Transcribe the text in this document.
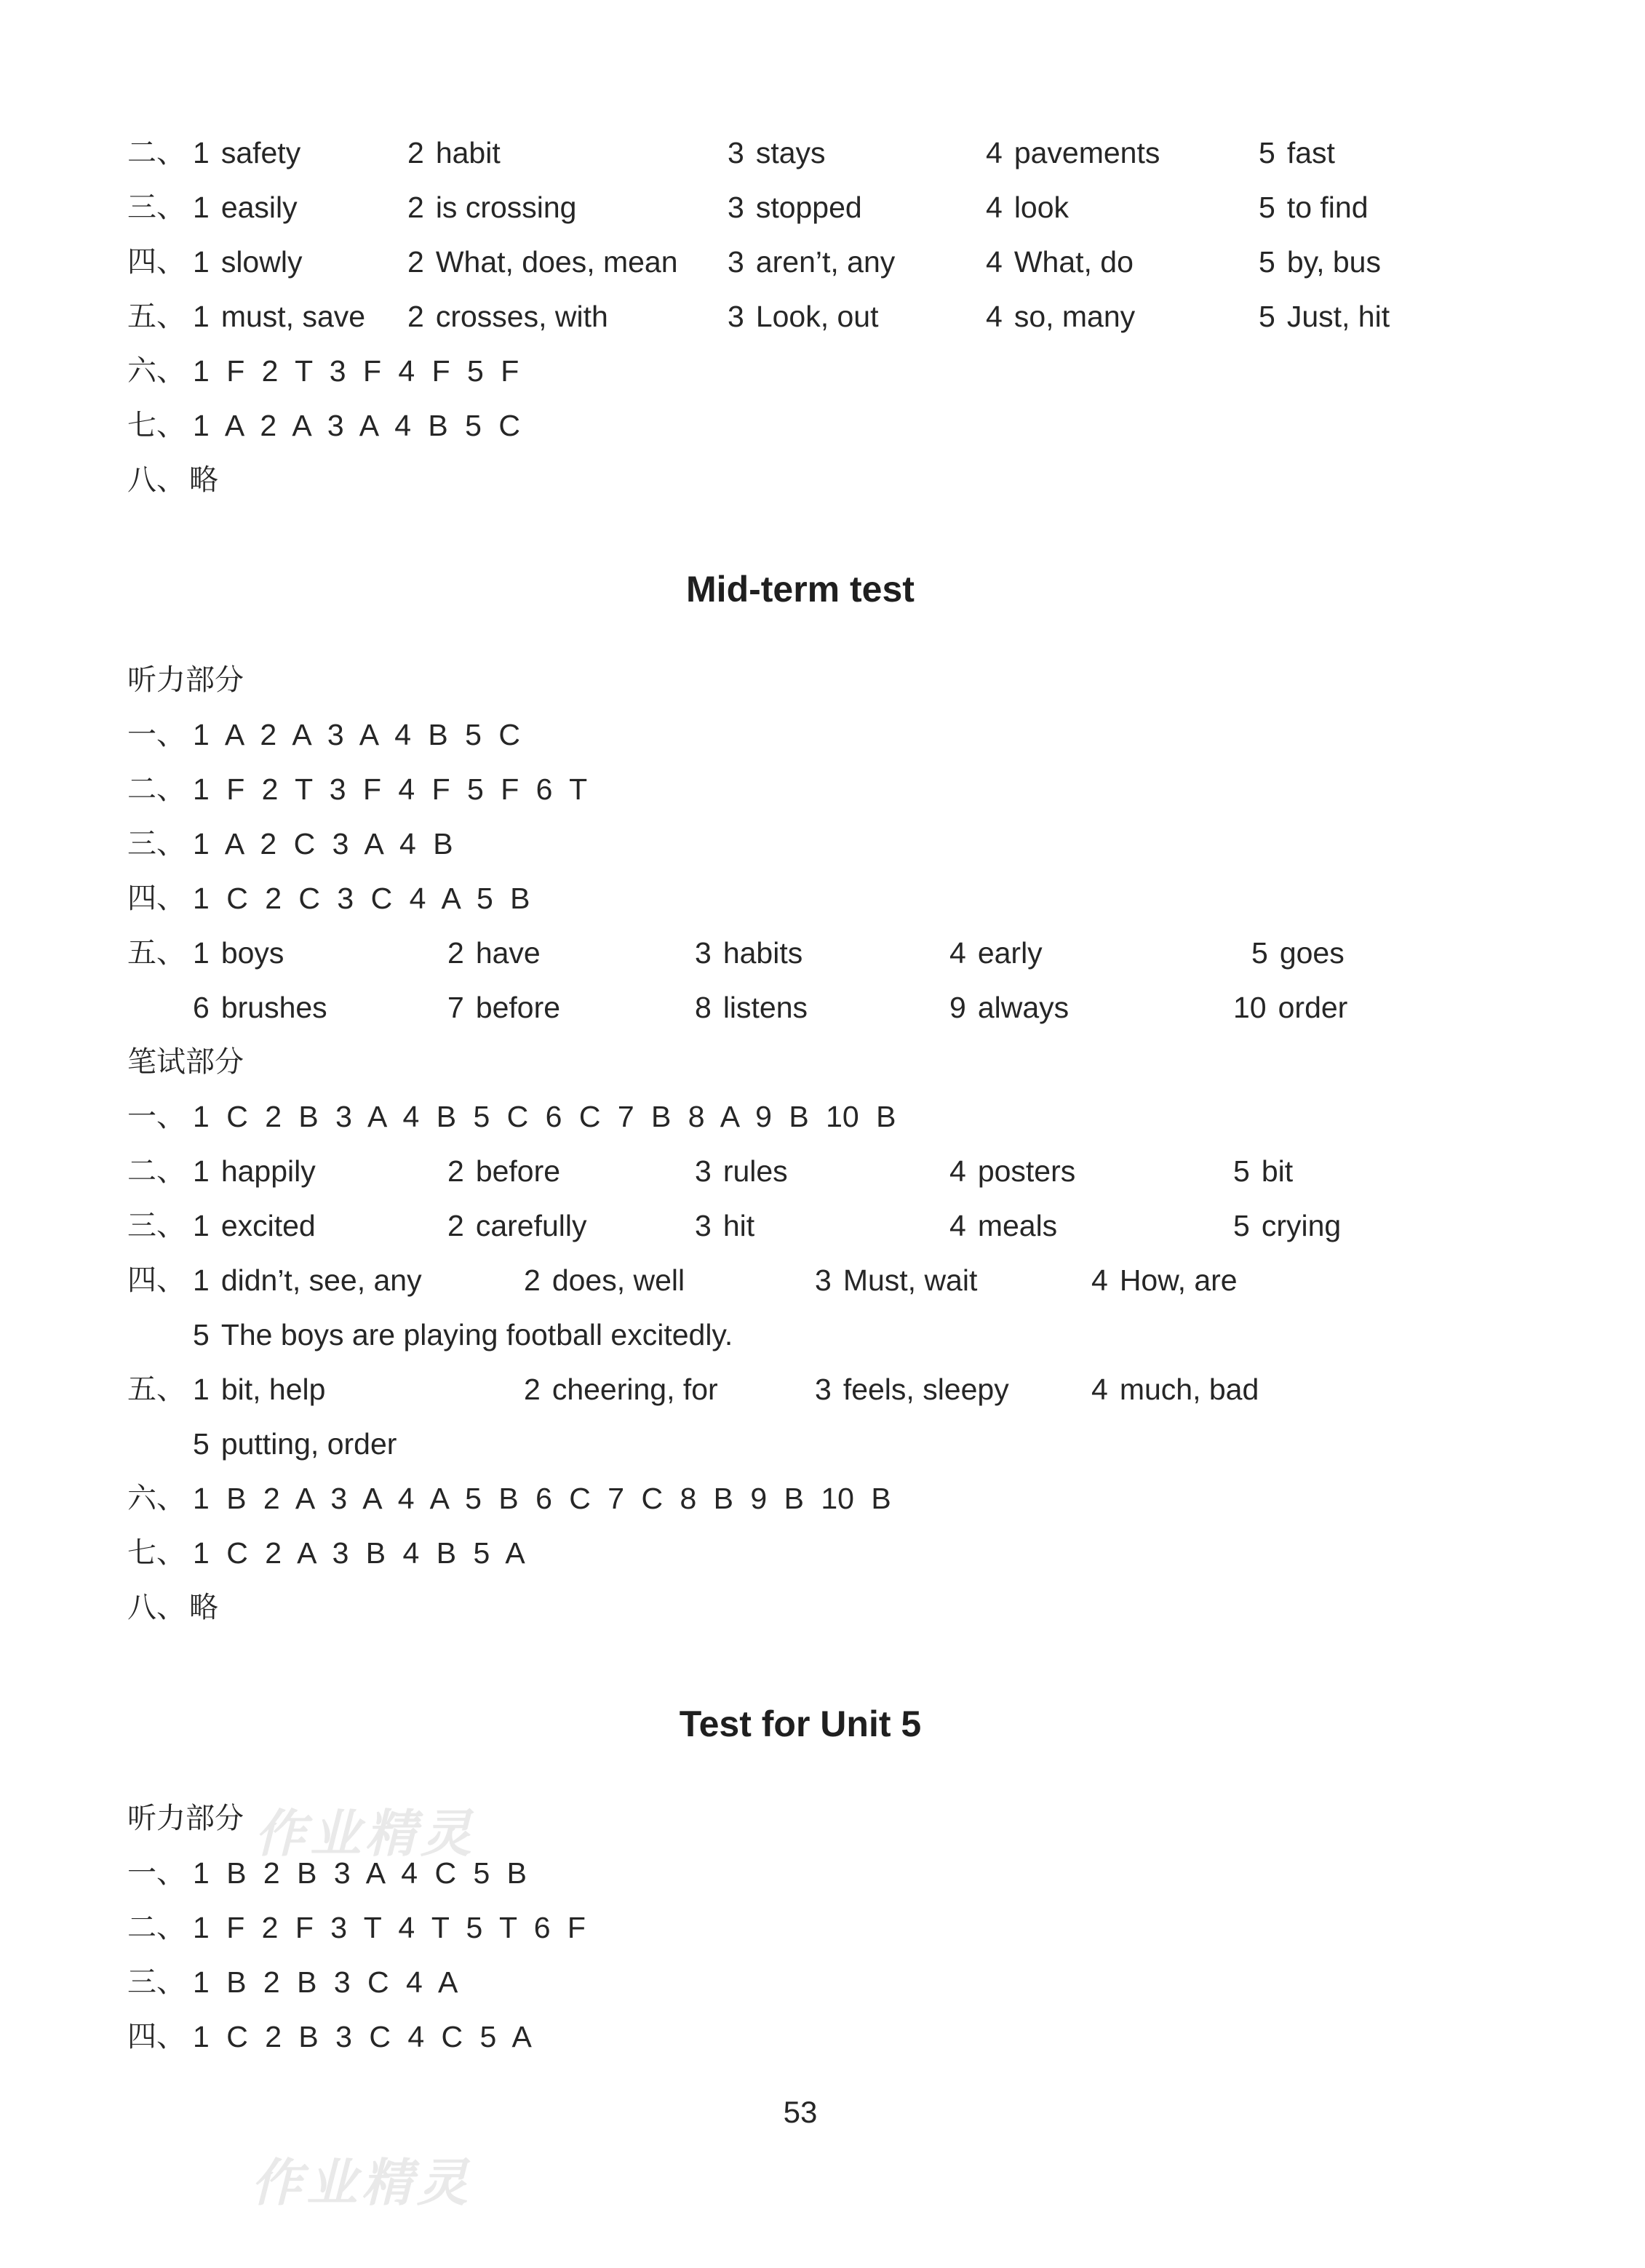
二、 1 safety	2 habit	3 stays	4 pavements	5 fast
三、 1 easily	2 is crossing	3 stopped	4 look	5 to find
四、 1 slowly	2 What, does, mean 3 aren’t, any	4 What, do	5 by, bus
五、 1 must, save 2 crosses, with	3 Look, out	4 so, many	5 Just, hit
六、 1 F 2 T 3 F 4 F 5 F
七、 1 A 2 A 3 A 4 B 5 C
八、 略
Mid-term test
听力部分
一、 1 A 2 A 3 A 4 B 5 C
二、 1 F 2 T 3 F 4 F 5 F 6 T
三、 1 A 2 C 3 A 4 B
四、 1 C 2 C 3 C 4 A 5 B
五、 1 boys	2 have	3 habits	4 early	5 goes
6 brushes	7 before	8 listens	9 always	10 order
笔试部分
一、 1 C 2 B 3 A 4 B 5 C 6 C 7 B 8 A 9 B 10 B
二、 1 happily	2 before	3 rules	4 posters	5 bit
三、 1 excited	2 carefully	3 hit	4 meals	5 crying
四、 1 didn’t, see, any	2 does, well	3 Must, wait	4 How, are
5 The boys are playing football excitedly.
五、 1 bit, help	2 cheering, for	3 feels, sleepy	4 much, bad
5 putting, order
六、 1 B 2 A 3 A 4 A 5 B 6 C 7 C 8 B 9 B 10 B
七、 1 C 2 A 3 B 4 B 5 A
八、 略
Test for Unit 5
听力部分
一、 1 B 2 B 3 A 4 C 5 B
二、 1 F 2 F 3 T 4 T 5 T 6 F
三、 1 B 2 B 3 C 4 A
四、 1 C 2 B 3 C 4 C 5 A
53
作业精灵
作业精灵
